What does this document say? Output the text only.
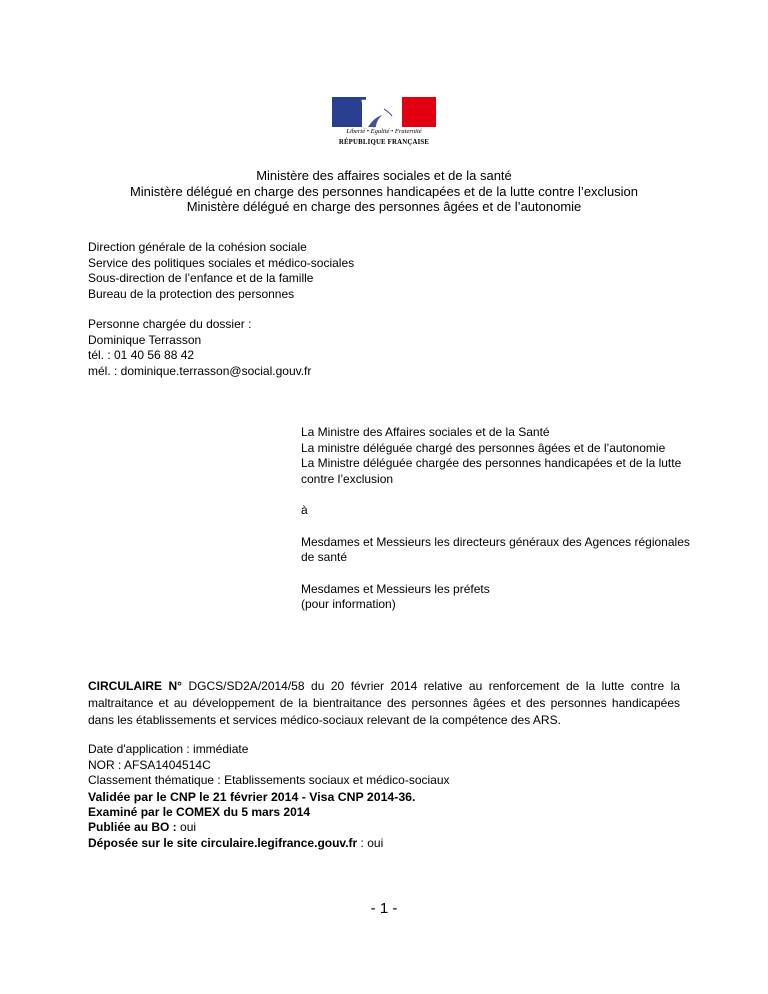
Liberté • Égalité • Fraternité
RÉPUBLIQUE FRANÇAISE
Ministère des affaires sociales et de la santé
Ministère délégué en charge des personnes handicapées et de la lutte contre l’exclusion
Ministère délégué en charge des personnes âgées et de l’autonomie
Direction générale de la cohésion sociale
Service des politiques sociales et médico-sociales
Sous-direction de l’enfance et de la famille
Bureau de la protection des personnes
Personne chargée du dossier :
Dominique Terrasson
tél. : 01 40 56 88 42
mél. : dominique.terrasson@social.gouv.fr

La Ministre des Affaires sociales et de la Santé
La ministre déléguée chargé des personnes âgées et de l’autonomie
La Ministre déléguée chargée des personnes handicapées et de la lutte contre l’exclusion

à

Mesdames et Messieurs les directeurs généraux des Agences régionales de santé

Mesdames et Messieurs les préfets
(pour information)

CIRCULAIRE N° DGCS/SD2A/2014/58 du 20 février 2014 relative au renforcement de la lutte contre la maltraitance et au développement de la bientraitance des personnes âgées et des personnes handicapées dans les établissements et services médico-sociaux relevant de la compétence des ARS.
Date d'application : immédiate
NOR : AFSA1404514C
Classement thématique : Etablissements sociaux et médico-sociaux
Validée par le CNP le 21 février 2014 - Visa CNP 2014-36.
Examiné par le COMEX du 5 mars 2014
Publiée au BO : oui
Déposée sur le site circulaire.legifrance.gouv.fr : oui
- 1 -
